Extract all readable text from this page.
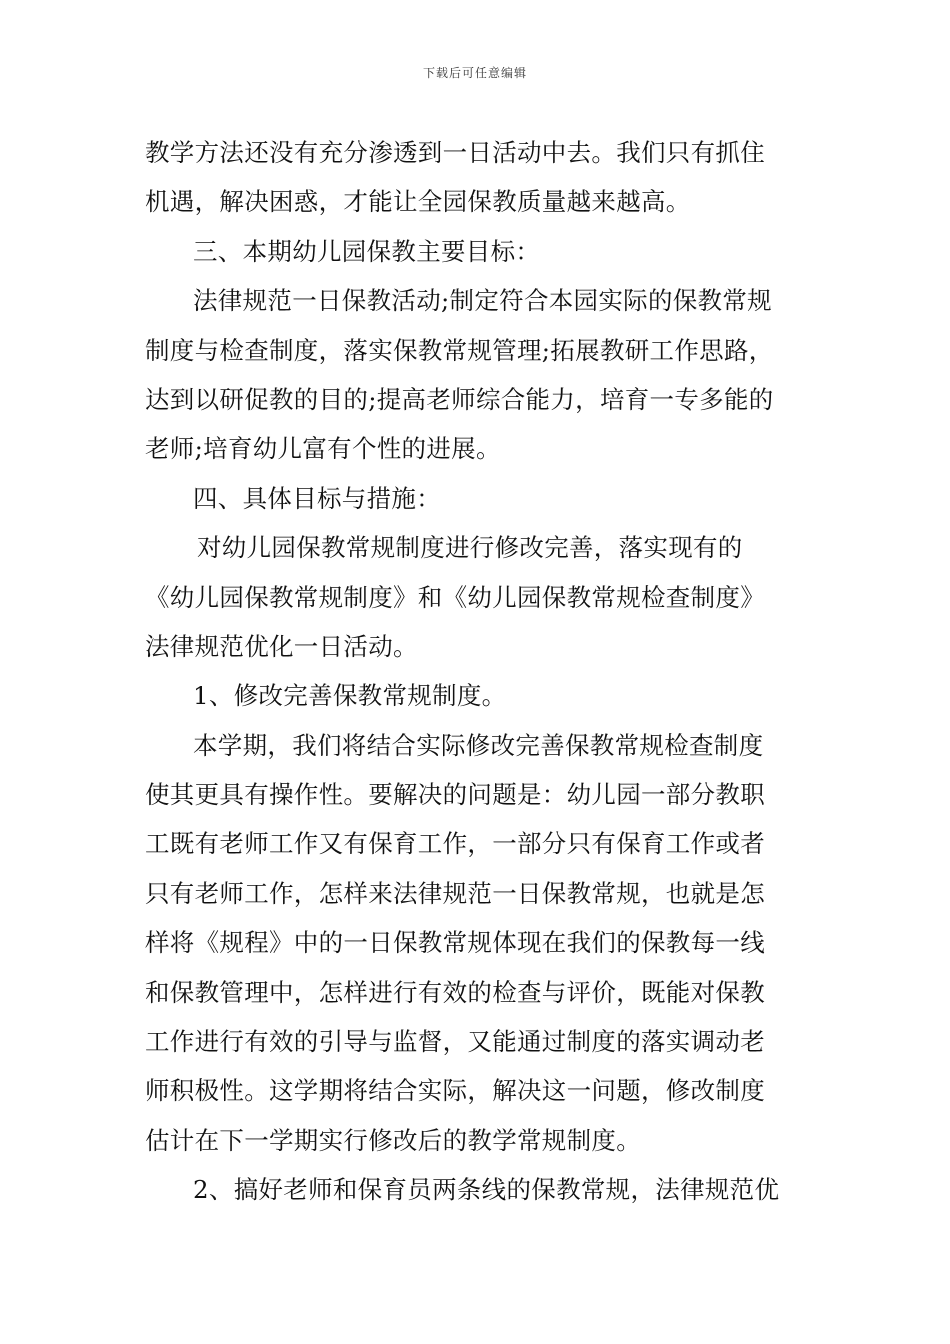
下载后可任意编辑
教学方法还没有充分渗透到一日活动中去。我们只有抓住
机遇，解决困惑，才能让全园保教质量越来越高。
三、本期幼儿园保教主要目标：
法律规范一日保教活动;制定符合本园实际的保教常规
制度与检查制度，落实保教常规管理;拓展教研工作思路，
达到以研促教的目的;提高老师综合能力，培育一专多能的
老师;培育幼儿富有个性的进展。
四、具体目标与措施：
对幼儿园保教常规制度进行修改完善，落实现有的
《幼儿园保教常规制度》和《幼儿园保教常规检查制度》
法律规范优化一日活动。
1、修改完善保教常规制度。
本学期，我们将结合实际修改完善保教常规检查制度
使其更具有操作性。要解决的问题是：幼儿园一部分教职
工既有老师工作又有保育工作，一部分只有保育工作或者
只有老师工作，怎样来法律规范一日保教常规，也就是怎
样将《规程》中的一日保教常规体现在我们的保教每一线
和保教管理中，怎样进行有效的检查与评价，既能对保教
工作进行有效的引导与监督，又能通过制度的落实调动老
师积极性。这学期将结合实际，解决这一问题，修改制度
估计在下一学期实行修改后的教学常规制度。
2、搞好老师和保育员两条线的保教常规，法律规范优
